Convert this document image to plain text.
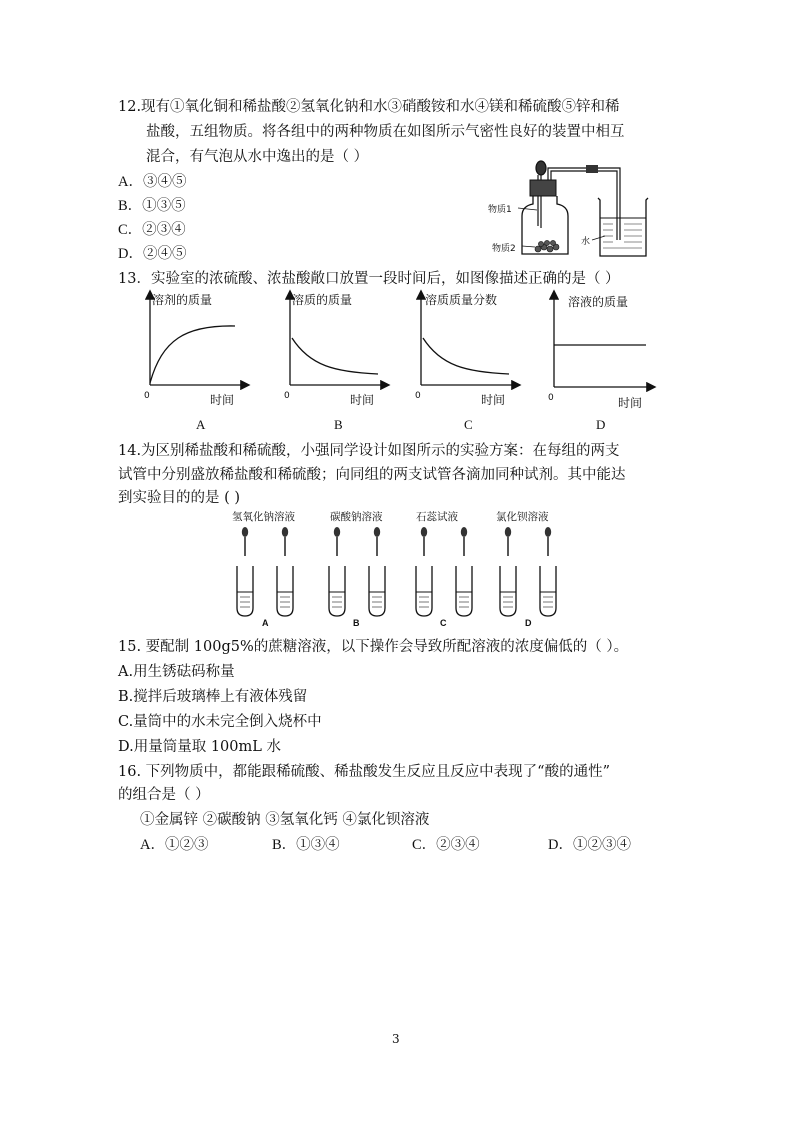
12.现有①氧化铜和稀盐酸②氢氧化钠和水③硝酸铵和水④镁和稀硫酸⑤锌和稀
盐酸，五组物质。将各组中的两种物质在如图所示气密性良好的装置中相互
混合，有气泡从水中逸出的是（ ）
A．③④⑤
B．①③⑤
C．②③④
D．②④⑤
物质1
物质2
水
13．实验室的浓硫酸、浓盐酸敞口放置一段时间后，如图像描述正确的是（ ）
溶剂的质量
时间
0
A
溶质的质量
时间
0
B
溶质质量分数
时间
0
C
溶液的质量
时间
0
D
14.为区别稀盐酸和稀硫酸，小强同学设计如图所示的实验方案：在每组的两支
试管中分别盛放稀盐酸和稀硫酸；向同组的两支试管各滴加同种试剂。其中能达
到实验目的的是 ( )
氢氧化钠溶液	碳酸钠溶液	石蕊试液	氯化钡溶液
A	B	C	D
15. 要配制 100g5%的蔗糖溶液，以下操作会导致所配溶液的浓度偏低的（ ）。
A.用生锈砝码称量
B.搅拌后玻璃棒上有液体残留
C.量筒中的水未完全倒入烧杯中
D.用量筒量取 100mL 水
16. 下列物质中，都能跟稀硫酸、稀盐酸发生反应且反应中表现了“酸的通性”
的组合是（ ）
①金属锌 ②碳酸钠 ③氢氧化钙 ④氯化钡溶液
A．①②③	B．①③④	C．②③④	D．①②③④
3
